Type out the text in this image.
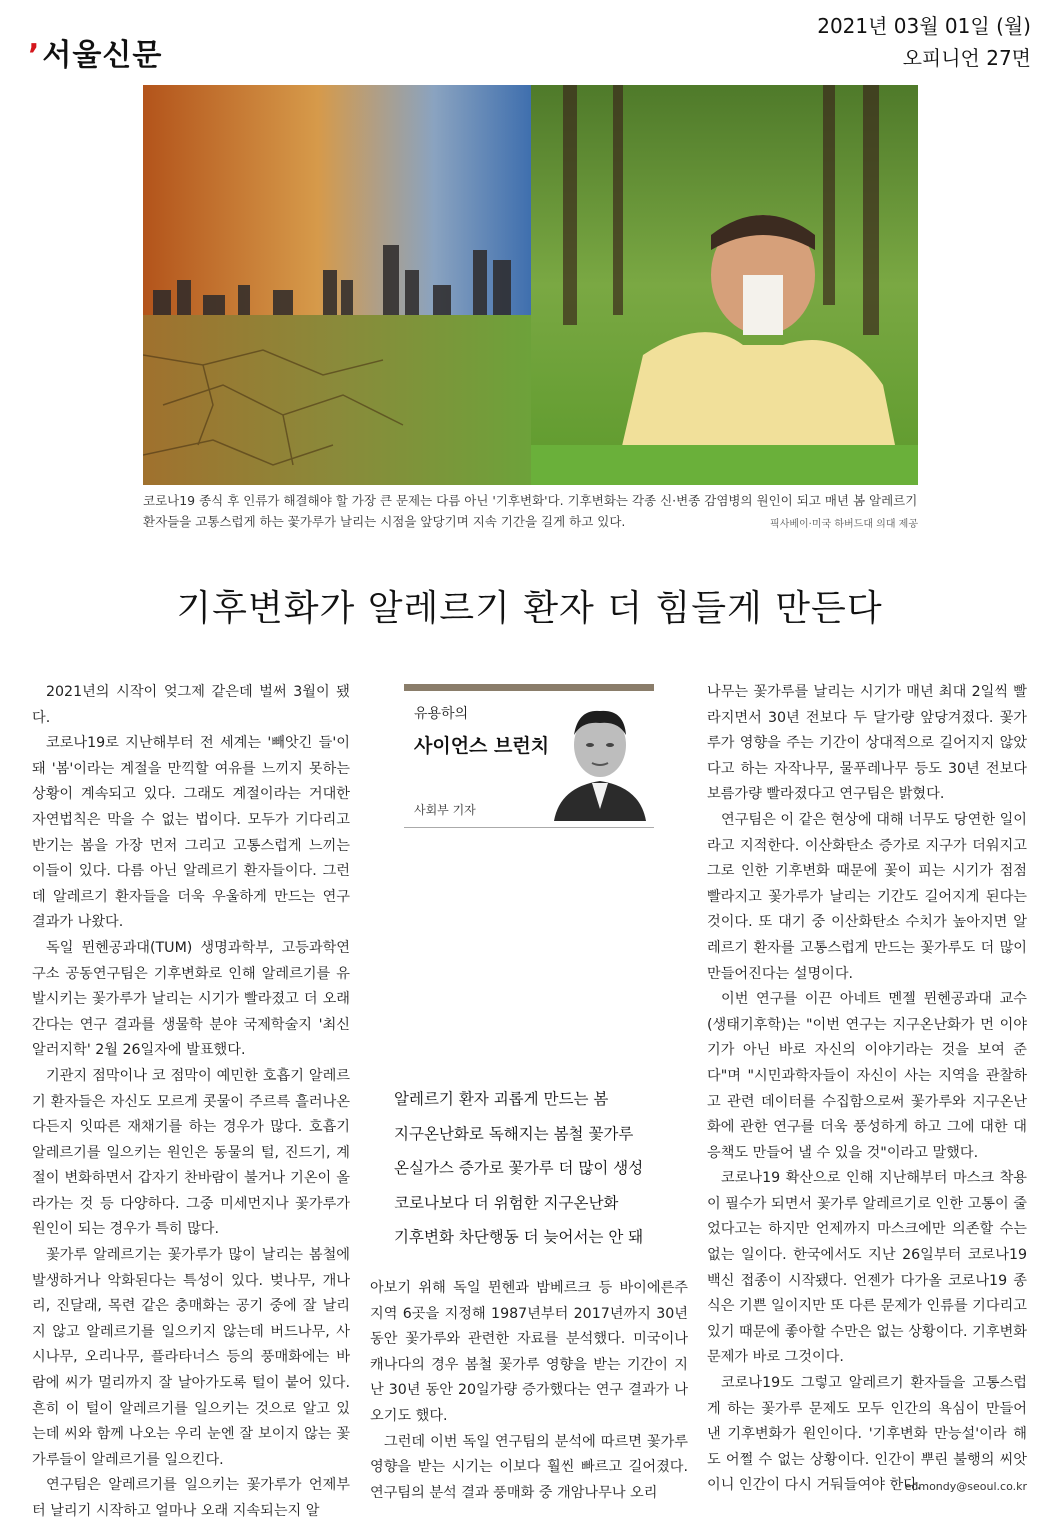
’서울신문
2021년 03월 01일 (월)
오피니언 27면
코로나19 종식 후 인류가 해결해야 할 가장 큰 문제는 다름 아닌 '기후변화'다. 기후변화는 각종 신·변종 감염병의 원인이 되고 매년 봄 알레르기 환자들을 고통스럽게 하는 꽃가루가 날리는 시점을 앞당기며 지속 기간을 길게 하고 있다.	픽사베이·미국 하버드대 의대 제공
기후변화가 알레르기 환자 더 힘들게 만든다

2021년의 시작이 엊그제 같은데 벌써 3월이 됐다.

코로나19로 지난해부터 전 세계는 '빼앗긴 들'이 돼 '봄'이라는 계절을 만끽할 여유를 느끼지 못하는 상황이 계속되고 있다. 그래도 계절이라는 거대한 자연법칙은 막을 수 없는 법이다. 모두가 기다리고 반기는 봄을 가장 먼저 그리고 고통스럽게 느끼는 이들이 있다. 다름 아닌 알레르기 환자들이다. 그런데 알레르기 환자들을 더욱 우울하게 만드는 연구 결과가 나왔다.

독일 뮌헨공과대(TUM) 생명과학부, 고등과학연구소 공동연구팀은 기후변화로 인해 알레르기를 유발시키는 꽃가루가 날리는 시기가 빨라졌고 더 오래간다는 연구 결과를 생물학 분야 국제학술지 '최신 알러지학' 2월 26일자에 발표했다.

기관지 점막이나 코 점막이 예민한 호흡기 알레르기 환자들은 자신도 모르게 콧물이 주르륵 흘러나온다든지 잇따른 재채기를 하는 경우가 많다. 호흡기 알레르기를 일으키는 원인은 동물의 털, 진드기, 계절이 변화하면서 갑자기 찬바람이 불거나 기온이 올라가는 것 등 다양하다. 그중 미세먼지나 꽃가루가 원인이 되는 경우가 특히 많다.

꽃가루 알레르기는 꽃가루가 많이 날리는 봄철에 발생하거나 악화된다는 특성이 있다. 벚나무, 개나리, 진달래, 목련 같은 충매화는 공기 중에 잘 날리지 않고 알레르기를 일으키지 않는데 버드나무, 사시나무, 오리나무, 플라타너스 등의 풍매화에는 바람에 씨가 멀리까지 잘 날아가도록 털이 붙어 있다. 흔히 이 털이 알레르기를 일으키는 것으로 알고 있는데 씨와 함께 나오는 우리 눈엔 잘 보이지 않는 꽃가루들이 알레르기를 일으킨다.

연구팀은 알레르기를 일으키는 꽃가루가 언제부터 날리기 시작하고 얼마나 오래 지속되는지 알

유용하의
사이언스 브런치
사회부 기자
알레르기 환자 괴롭게 만드는 봄
지구온난화로 독해지는 봄철 꽃가루
온실가스 증가로 꽃가루 더 많이 생성
코로나보다 더 위험한 지구온난화
기후변화 차단행동 더 늦어서는 안 돼

아보기 위해 독일 뮌헨과 밤베르크 등 바이에른주 지역 6곳을 지정해 1987년부터 2017년까지 30년 동안 꽃가루와 관련한 자료를 분석했다. 미국이나 캐나다의 경우 봄철 꽃가루 영향을 받는 기간이 지난 30년 동안 20일가량 증가했다는 연구 결과가 나오기도 했다.

그런데 이번 독일 연구팀의 분석에 따르면 꽃가루 영향을 받는 시기는 이보다 훨씬 빠르고 길어졌다. 연구팀의 분석 결과 풍매화 중 개암나무나 오리

나무는 꽃가루를 날리는 시기가 매년 최대 2일씩 빨라지면서 30년 전보다 두 달가량 앞당겨졌다. 꽃가루가 영향을 주는 기간이 상대적으로 길어지지 않았다고 하는 자작나무, 물푸레나무 등도 30년 전보다 보름가량 빨라졌다고 연구팀은 밝혔다.

연구팀은 이 같은 현상에 대해 너무도 당연한 일이라고 지적한다. 이산화탄소 증가로 지구가 더워지고 그로 인한 기후변화 때문에 꽃이 피는 시기가 점점 빨라지고 꽃가루가 날리는 기간도 길어지게 된다는 것이다. 또 대기 중 이산화탄소 수치가 높아지면 알레르기 환자를 고통스럽게 만드는 꽃가루도 더 많이 만들어진다는 설명이다.

이번 연구를 이끈 아네트 멘젤 뮌헨공과대 교수(생태기후학)는 "이번 연구는 지구온난화가 먼 이야기가 아닌 바로 자신의 이야기라는 것을 보여 준다"며 "시민과학자들이 자신이 사는 지역을 관찰하고 관련 데이터를 수집함으로써 꽃가루와 지구온난화에 관한 연구를 더욱 풍성하게 하고 그에 대한 대응책도 만들어 낼 수 있을 것"이라고 말했다.

코로나19 확산으로 인해 지난해부터 마스크 착용이 필수가 되면서 꽃가루 알레르기로 인한 고통이 줄었다고는 하지만 언제까지 마스크에만 의존할 수는 없는 일이다. 한국에서도 지난 26일부터 코로나19 백신 접종이 시작됐다. 언젠가 다가올 코로나19 종식은 기쁜 일이지만 또 다른 문제가 인류를 기다리고 있기 때문에 좋아할 수만은 없는 상황이다. 기후변화 문제가 바로 그것이다.

코로나19도 그렇고 알레르기 환자들을 고통스럽게 하는 꽃가루 문제도 모두 인간의 욕심이 만들어 낸 기후변화가 원인이다. '기후변화 만능설'이라 해도 어쩔 수 없는 상황이다. 인간이 뿌린 불행의 씨앗이니 인간이 다시 거둬들여야 한다.

edmondy@seoul.co.kr
